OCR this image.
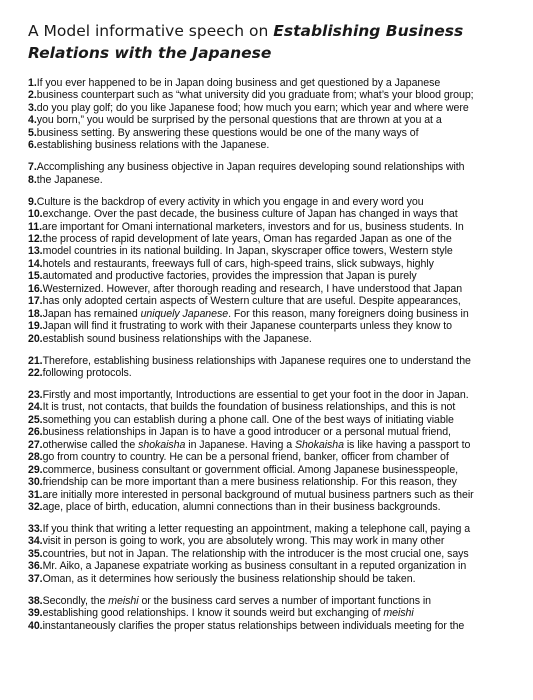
A Model informative speech on Establishing Business Relations with the Japanese
1.If you ever happened to be in Japan doing business and get questioned by a Japanese
2.business counterpart such as “what university did you graduate from; what’s your blood group;
3.do you play golf; do you like Japanese food; how much you earn; which year and where were
4.you born,” you would be surprised by the personal questions that are thrown at you at a
5.business setting. By answering these questions would be one of the many ways of
6.establishing business relations with the Japanese.
7.Accomplishing any business objective in Japan requires developing sound relationships with
8.the Japanese.
9.Culture is the backdrop of every activity in which you engage in and every word you
10.exchange. Over the past decade, the business culture of Japan has changed in ways that
11.are important for Omani international marketers, investors and for us, business students. In
12.the process of rapid development of late years, Oman has regarded Japan as one of the
13.model countries in its national building. In Japan, skyscraper office towers, Western style
14.hotels and restaurants, freeways full of cars, high-speed trains, slick subways, highly
15.automated and productive factories, provides the impression that Japan is purely
16.Westernized. However, after thorough reading and research, I have understood that Japan
17.has only adopted certain aspects of Western culture that are useful. Despite appearances,
18.Japan has remained uniquely Japanese. For this reason, many foreigners doing business in
19.Japan will find it frustrating to work with their Japanese counterparts unless they know to
20.establish sound business relationships with the Japanese.
21.Therefore, establishing business relationships with Japanese requires one to understand the
22.following protocols.
23.Firstly and most importantly, Introductions are essential to get your foot in the door in Japan.
24.It is trust, not contacts, that builds the foundation of business relationships, and this is not
25.something you can establish during a phone call. One of the best ways of initiating viable
26.business relationships in Japan is to have a good introducer or a personal mutual friend,
27.otherwise called the shokaisha in Japanese. Having a Shokaisha is like having a passport to
28.go from country to country. He can be a personal friend, banker, officer from chamber of
29.commerce, business consultant or government official. Among Japanese businesspeople,
30.friendship can be more important than a mere business relationship. For this reason, they
31.are initially more interested in personal background of mutual business partners such as their
32.age, place of birth, education, alumni connections than in their business backgrounds.
33.If you think that writing a letter requesting an appointment, making a telephone call, paying a
34.visit in person is going to work, you are absolutely wrong. This may work in many other
35.countries, but not in Japan. The relationship with the introducer is the most crucial one, says
36.Mr. Aiko, a Japanese expatriate working as business consultant in a reputed organization in
37.Oman, as it determines how seriously the business relationship should be taken.
38.Secondly, the meishi or the business card serves a number of important functions in
39.establishing good relationships. I know it sounds weird but exchanging of meishi
40.instantaneously clarifies the proper status relationships between individuals meeting for the
